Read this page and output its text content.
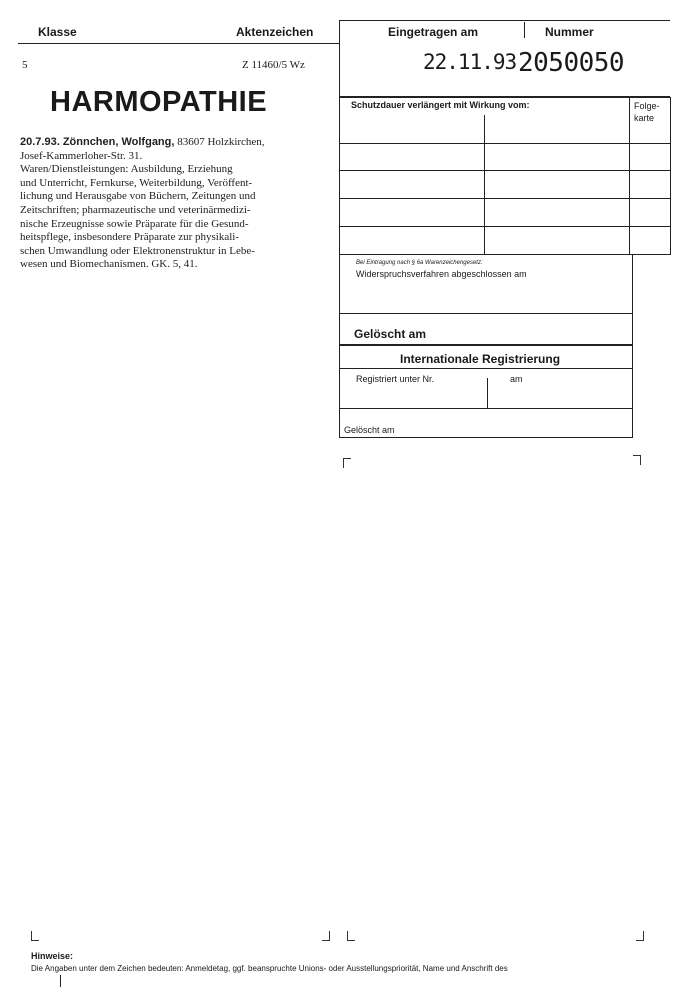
Klasse	Aktenzeichen
5	Z 11460/5 Wz
HARMOPATHIE
20.7.93. Zönnchen, Wolfgang, 83607 Holzkirchen,
Josef-Kammerloher-Str. 31.
Waren/Dienstleistungen: Ausbildung, Erziehung
und Unterricht, Fernkurse, Weiterbildung, Veröffent-
lichung und Herausgabe von Büchern, Zeitungen und
Zeitschriften; pharmazeutische und veterinärmedizi-
nische Erzeugnisse sowie Präparate für die Gesund-
heitspflege, insbesondere Präparate zur physikali-
schen Umwandlung oder Elektronenstruktur in Lebe-
wesen und Biomechanismen. GK. 5, 41.
Eingetragen am	Nummer
22.11.93 2050050
Schutzdauer verlängert mit Wirkung vom:	Folge-
karte
Bei Eintragung nach § 6a Warenzeichengesetz:
Widerspruchsverfahren abgeschlossen am
Gelöscht am
Internationale Registrierung
Registriert unter Nr.	am
Gelöscht am
Hinweise:
Die Angaben unter dem Zeichen bedeuten: Anmeldetag, ggf. beanspruchte Unions- oder Ausstellungspriorität, Name und Anschrift des
